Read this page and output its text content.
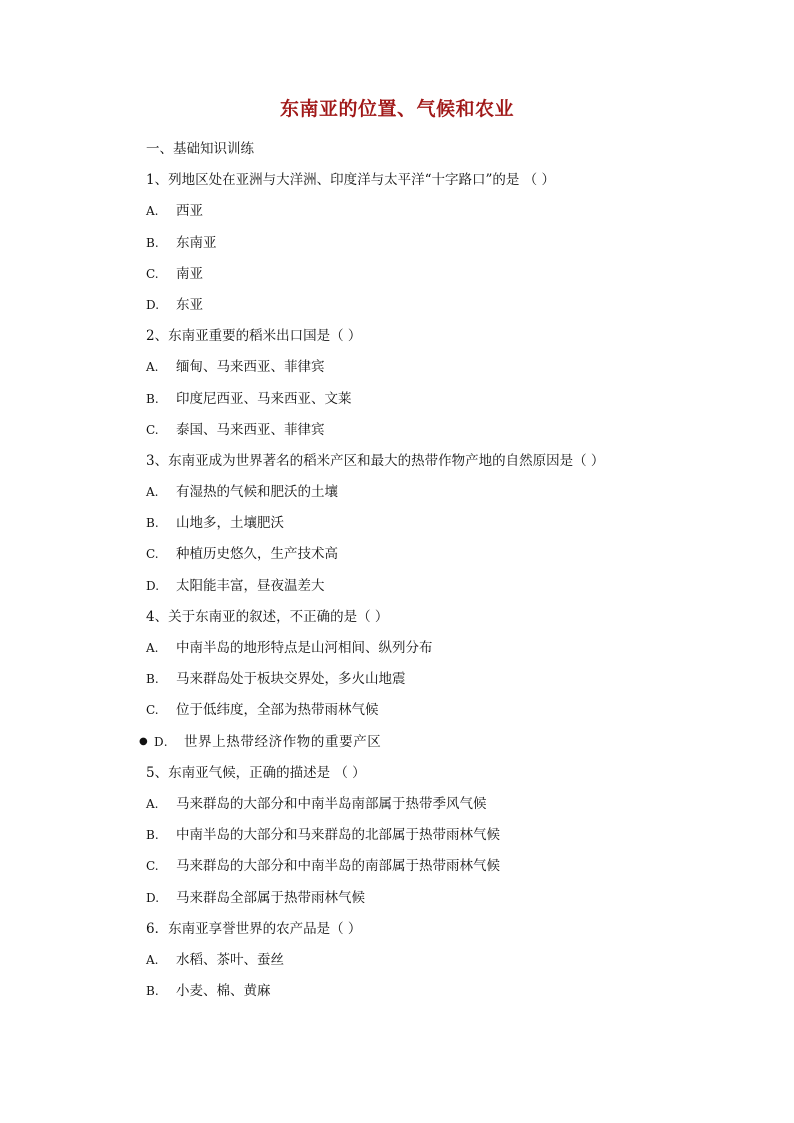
东南亚的位置、气候和农业
一、基础知识训练
1、列地区处在亚洲与大洋洲、印度洋与太平洋“十字路口”的是 （ ）
A. 西亚
B. 东南亚
C. 南亚
D. 东亚
2、东南亚重要的稻米出口国是（ ）
A. 缅甸、马来西亚、菲律宾
B. 印度尼西亚、马来西亚、文莱
C. 泰国、马来西亚、菲律宾
3、东南亚成为世界著名的稻米产区和最大的热带作物产地的自然原因是（ ）
A. 有湿热的气候和肥沃的土壤
B. 山地多，土壤肥沃
C. 种植历史悠久，生产技术高
D. 太阳能丰富，昼夜温差大
4、关于东南亚的叙述，不正确的是（ ）
A. 中南半岛的地形特点是山河相间、纵列分布
B. 马来群岛处于板块交界处，多火山地震
C. 位于低纬度，全部为热带雨林气候
● D. 世界上热带经济作物的重要产区
5、东南亚气候，正确的描述是 （ ）
A. 马来群岛的大部分和中南半岛南部属于热带季风气候
B. 中南半岛的大部分和马来群岛的北部属于热带雨林气候
C. 马来群岛的大部分和中南半岛的南部属于热带雨林气候
D. 马来群岛全部属于热带雨林气候
6．东南亚享誉世界的农产品是（ ）
A. 水稻、茶叶、蚕丝
B. 小麦、棉、黄麻
